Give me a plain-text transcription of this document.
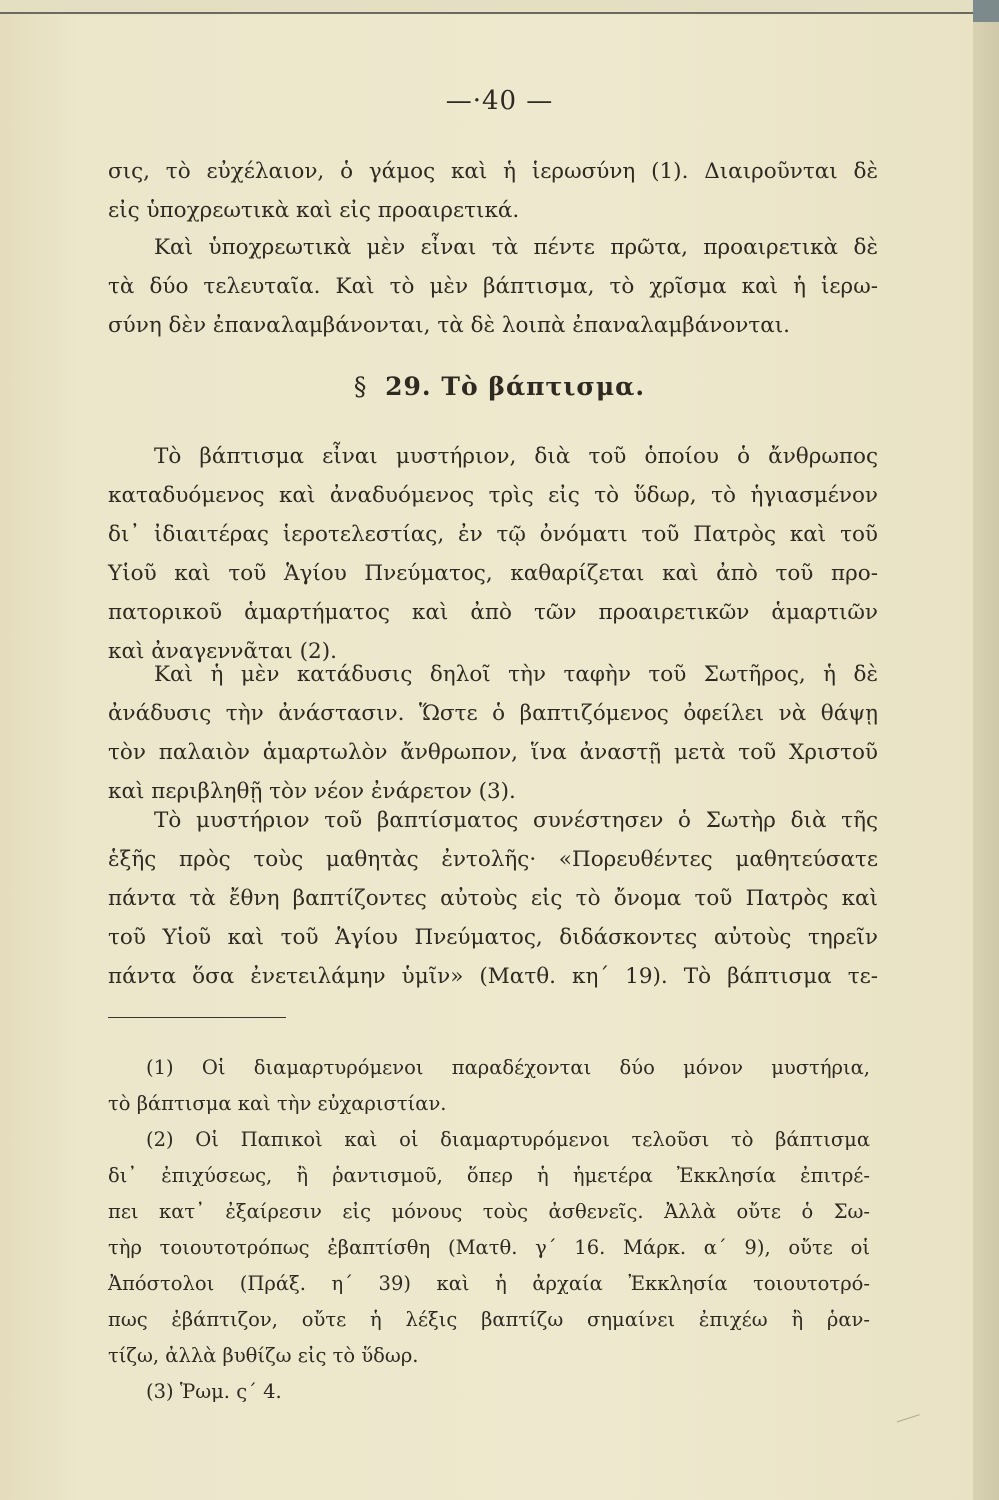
—·40 —
σις, τὸ εὐχέλαιον, ὁ γάμος καὶ ἡ ἱερωσύνη (1). Διαιροῦνται δὲ
εἰς ὑποχρεωτικὰ καὶ εἰς προαιρετικά.
Καὶ ὑποχρεωτικὰ μὲν εἶναι τὰ πέντε πρῶτα, προαιρετικὰ δὲ
τὰ δύο τελευταῖα. Καὶ τὸ μὲν βάπτισμα, τὸ χρῖσμα καὶ ἡ ἱερω-
σύνη δὲν ἐπαναλαμβάνονται, τὰ δὲ λοιπὰ ἐπαναλαμβάνονται.
§ 29. Τὸ βάπτισμα.
Τὸ βάπτισμα εἶναι μυστήριον, διὰ τοῦ ὁποίου ὁ ἄνθρωπος
καταδυόμενος καὶ ἀναδυόμενος τρὶς εἰς τὸ ὕδωρ, τὸ ἡγιασμένον
δι᾽ ἰδιαιτέρας ἱεροτελεστίας, ἐν τῷ ὀνόματι τοῦ Πατρὸς καὶ τοῦ
Υἱοῦ καὶ τοῦ Ἁγίου Πνεύματος, καθαρίζεται καὶ ἀπὸ τοῦ προ-
πατορικοῦ ἁμαρτήματος καὶ ἀπὸ τῶν προαιρετικῶν ἁμαρτιῶν
καὶ ἀναγεννᾶται (2).
Καὶ ἡ μὲν κατάδυσις δηλοῖ τὴν ταφὴν τοῦ Σωτῆρος, ἡ δὲ
ἀνάδυσις τὴν ἀνάστασιν. Ὥστε ὁ βαπτιζόμενος ὀφείλει νὰ θάψῃ
τὸν παλαιὸν ἁμαρτωλὸν ἄνθρωπον, ἵνα ἀναστῇ μετὰ τοῦ Χριστοῦ
καὶ περιβληθῇ τὸν νέον ἐνάρετον (3).
Τὸ μυστήριον τοῦ βαπτίσματος συνέστησεν ὁ Σωτὴρ διὰ τῆς
ἑξῆς πρὸς τοὺς μαθητὰς ἐντολῆς· «Πορευθέντες μαθητεύσατε
πάντα τὰ ἔθνη βαπτίζοντες αὐτοὺς εἰς τὸ ὄνομα τοῦ Πατρὸς καὶ
τοῦ Υἱοῦ καὶ τοῦ Ἁγίου Πνεύματος, διδάσκοντες αὐτοὺς τηρεῖν
πάντα ὅσα ἐνετειλάμην ὑμῖν» (Ματθ. κη´ 19). Τὸ βάπτισμα τε-
(1) Οἱ διαμαρτυρόμενοι παραδέχονται δύο μόνον μυστήρια,
τὸ βάπτισμα καὶ τὴν εὐχαριστίαν.
(2) Οἱ Παπικοὶ καὶ οἱ διαμαρτυρόμενοι τελοῦσι τὸ βάπτισμα
δι᾽ ἐπιχύσεως, ἢ ῥαντισμοῦ, ὅπερ ἡ ἡμετέρα Ἐκκλησία ἐπιτρέ-
πει κατ᾽ ἐξαίρεσιν εἰς μόνους τοὺς ἀσθενεῖς. Ἀλλὰ οὔτε ὁ Σω-
τὴρ τοιουτοτρόπως ἐβαπτίσθη (Ματθ. γ´ 16. Μάρκ. α´ 9), οὔτε οἱ
Ἀπόστολοι (Πράξ. η´ 39) καὶ ἡ ἀρχαία Ἐκκλησία τοιουτοτρό-
πως ἐβάπτιζον, οὔτε ἡ λέξις βαπτίζω σημαίνει ἐπιχέω ἢ ῥαν-
τίζω, ἀλλὰ βυθίζω εἰς τὸ ὕδωρ.
(3) Ῥωμ. ς´ 4.
